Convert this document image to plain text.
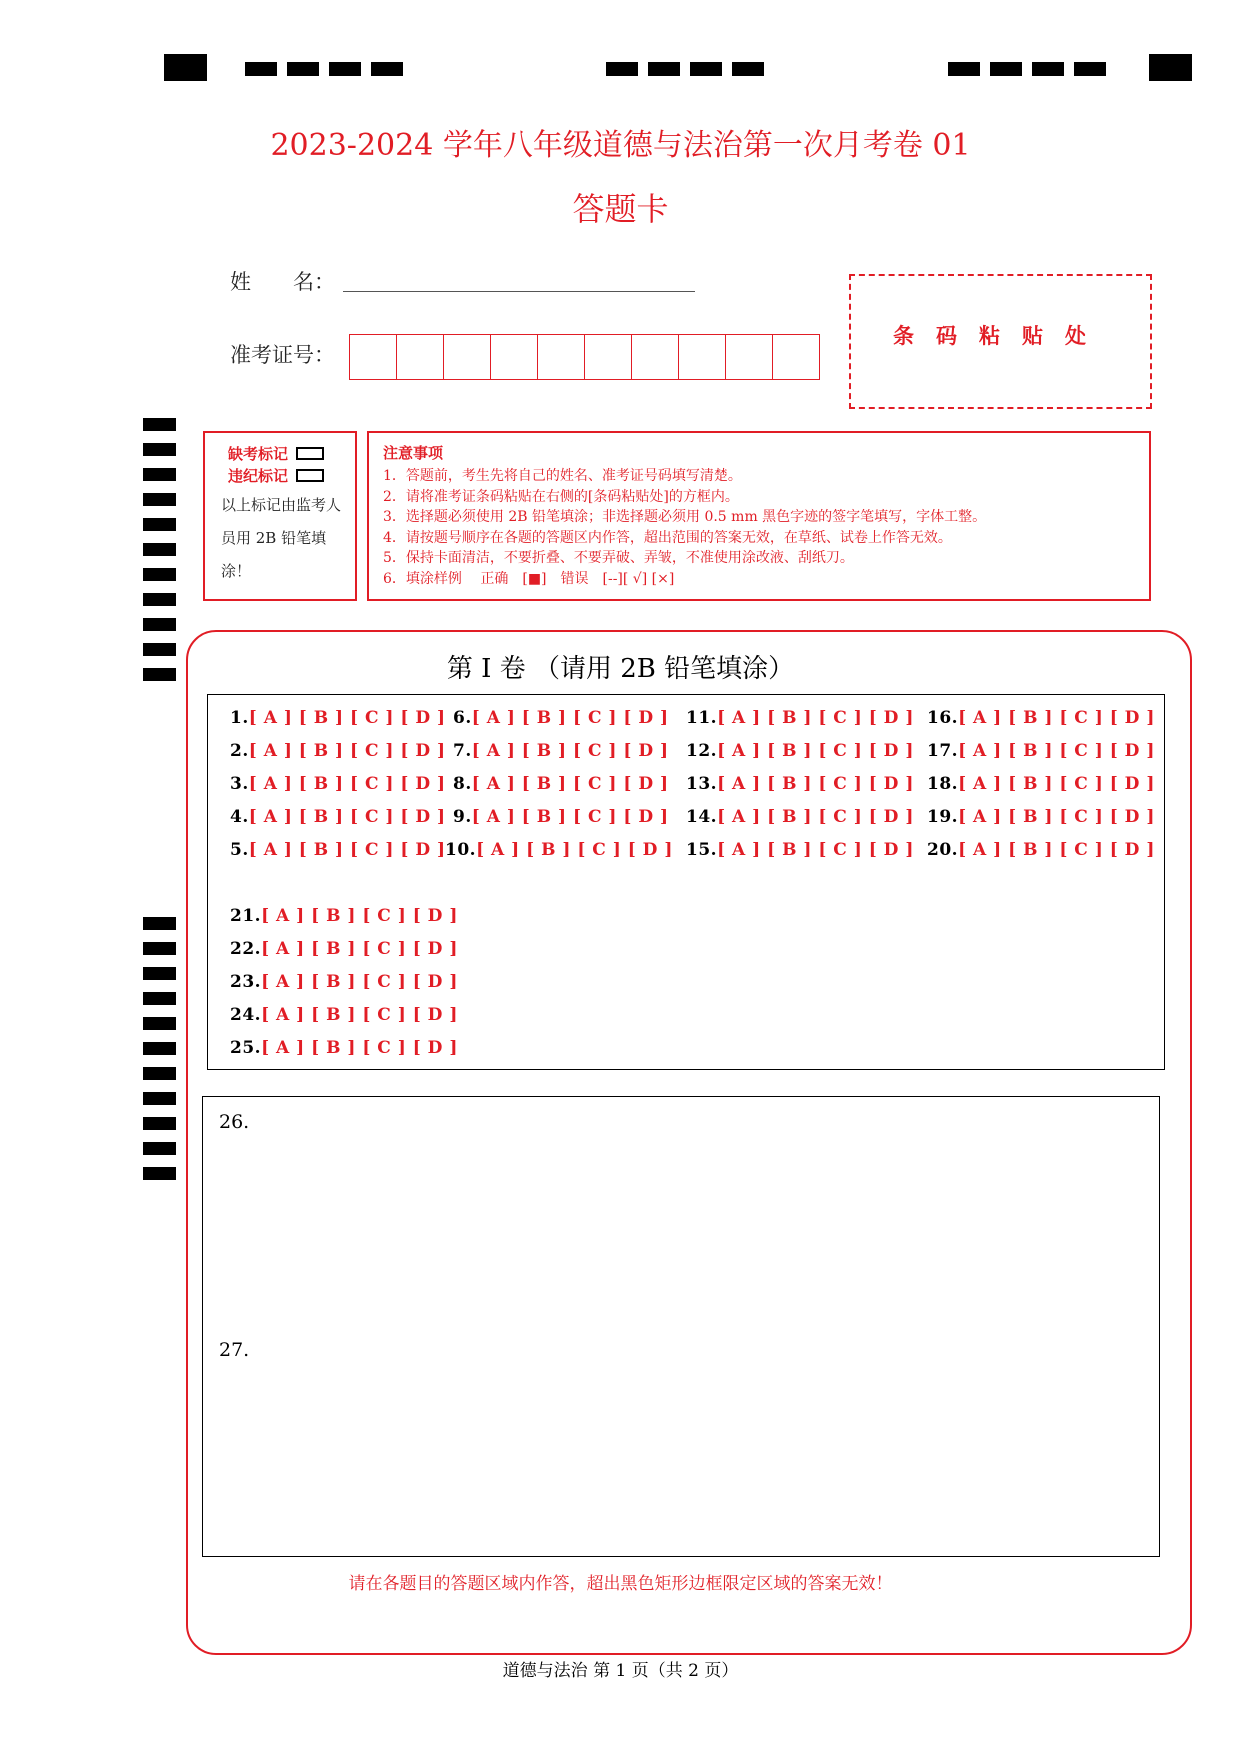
2023-2024 学年八年级道德与法治第一次月考卷 01
答题卡
姓　　名：
准考证号：
条码粘贴处
缺考标记
违纪标记
以上标记由监考人员用 2B 铅笔填涂！
注意事项
1．答题前，考生先将自己的姓名、准考证号码填写清楚。
2．请将准考证条码粘贴在右侧的[条码粘贴处]的方框内。
3．选择题必须使用 2B 铅笔填涂；非选择题必须用 0.5 mm 黑色字迹的签字笔填写，字体工整。
4．请按题号顺序在各题的答题区内作答，超出范围的答案无效，在草纸、试卷上作答无效。
5．保持卡面清洁，不要折叠、不要弄破、弄皱，不准使用涂改液、刮纸刀。
6．填涂样例　 正确　[■]　错误　[--][ √] [×]
第 Ⅰ 卷 （请用 2B 铅笔填涂）
1.[ A ] [ B ] [ C ] [ D ]
2.[ A ] [ B ] [ C ] [ D ]
3.[ A ] [ B ] [ C ] [ D ]
4.[ A ] [ B ] [ C ] [ D ]
5.[ A ] [ B ] [ C ] [ D ]
6.[ A ] [ B ] [ C ] [ D ]
7.[ A ] [ B ] [ C ] [ D ]
8.[ A ] [ B ] [ C ] [ D ]
9.[ A ] [ B ] [ C ] [ D ]
10.[ A ] [ B ] [ C ] [ D ]
11.[ A ] [ B ] [ C ] [ D ]
12.[ A ] [ B ] [ C ] [ D ]
13.[ A ] [ B ] [ C ] [ D ]
14.[ A ] [ B ] [ C ] [ D ]
15.[ A ] [ B ] [ C ] [ D ]
16.[ A ] [ B ] [ C ] [ D ]
17.[ A ] [ B ] [ C ] [ D ]
18.[ A ] [ B ] [ C ] [ D ]
19.[ A ] [ B ] [ C ] [ D ]
20.[ A ] [ B ] [ C ] [ D ]
21.[ A ] [ B ] [ C ] [ D ]
22.[ A ] [ B ] [ C ] [ D ]
23.[ A ] [ B ] [ C ] [ D ]
24.[ A ] [ B ] [ C ] [ D ]
25.[ A ] [ B ] [ C ] [ D ]
26.
27.
请在各题目的答题区域内作答，超出黑色矩形边框限定区域的答案无效！
道德与法治 第 1 页（共 2 页）
